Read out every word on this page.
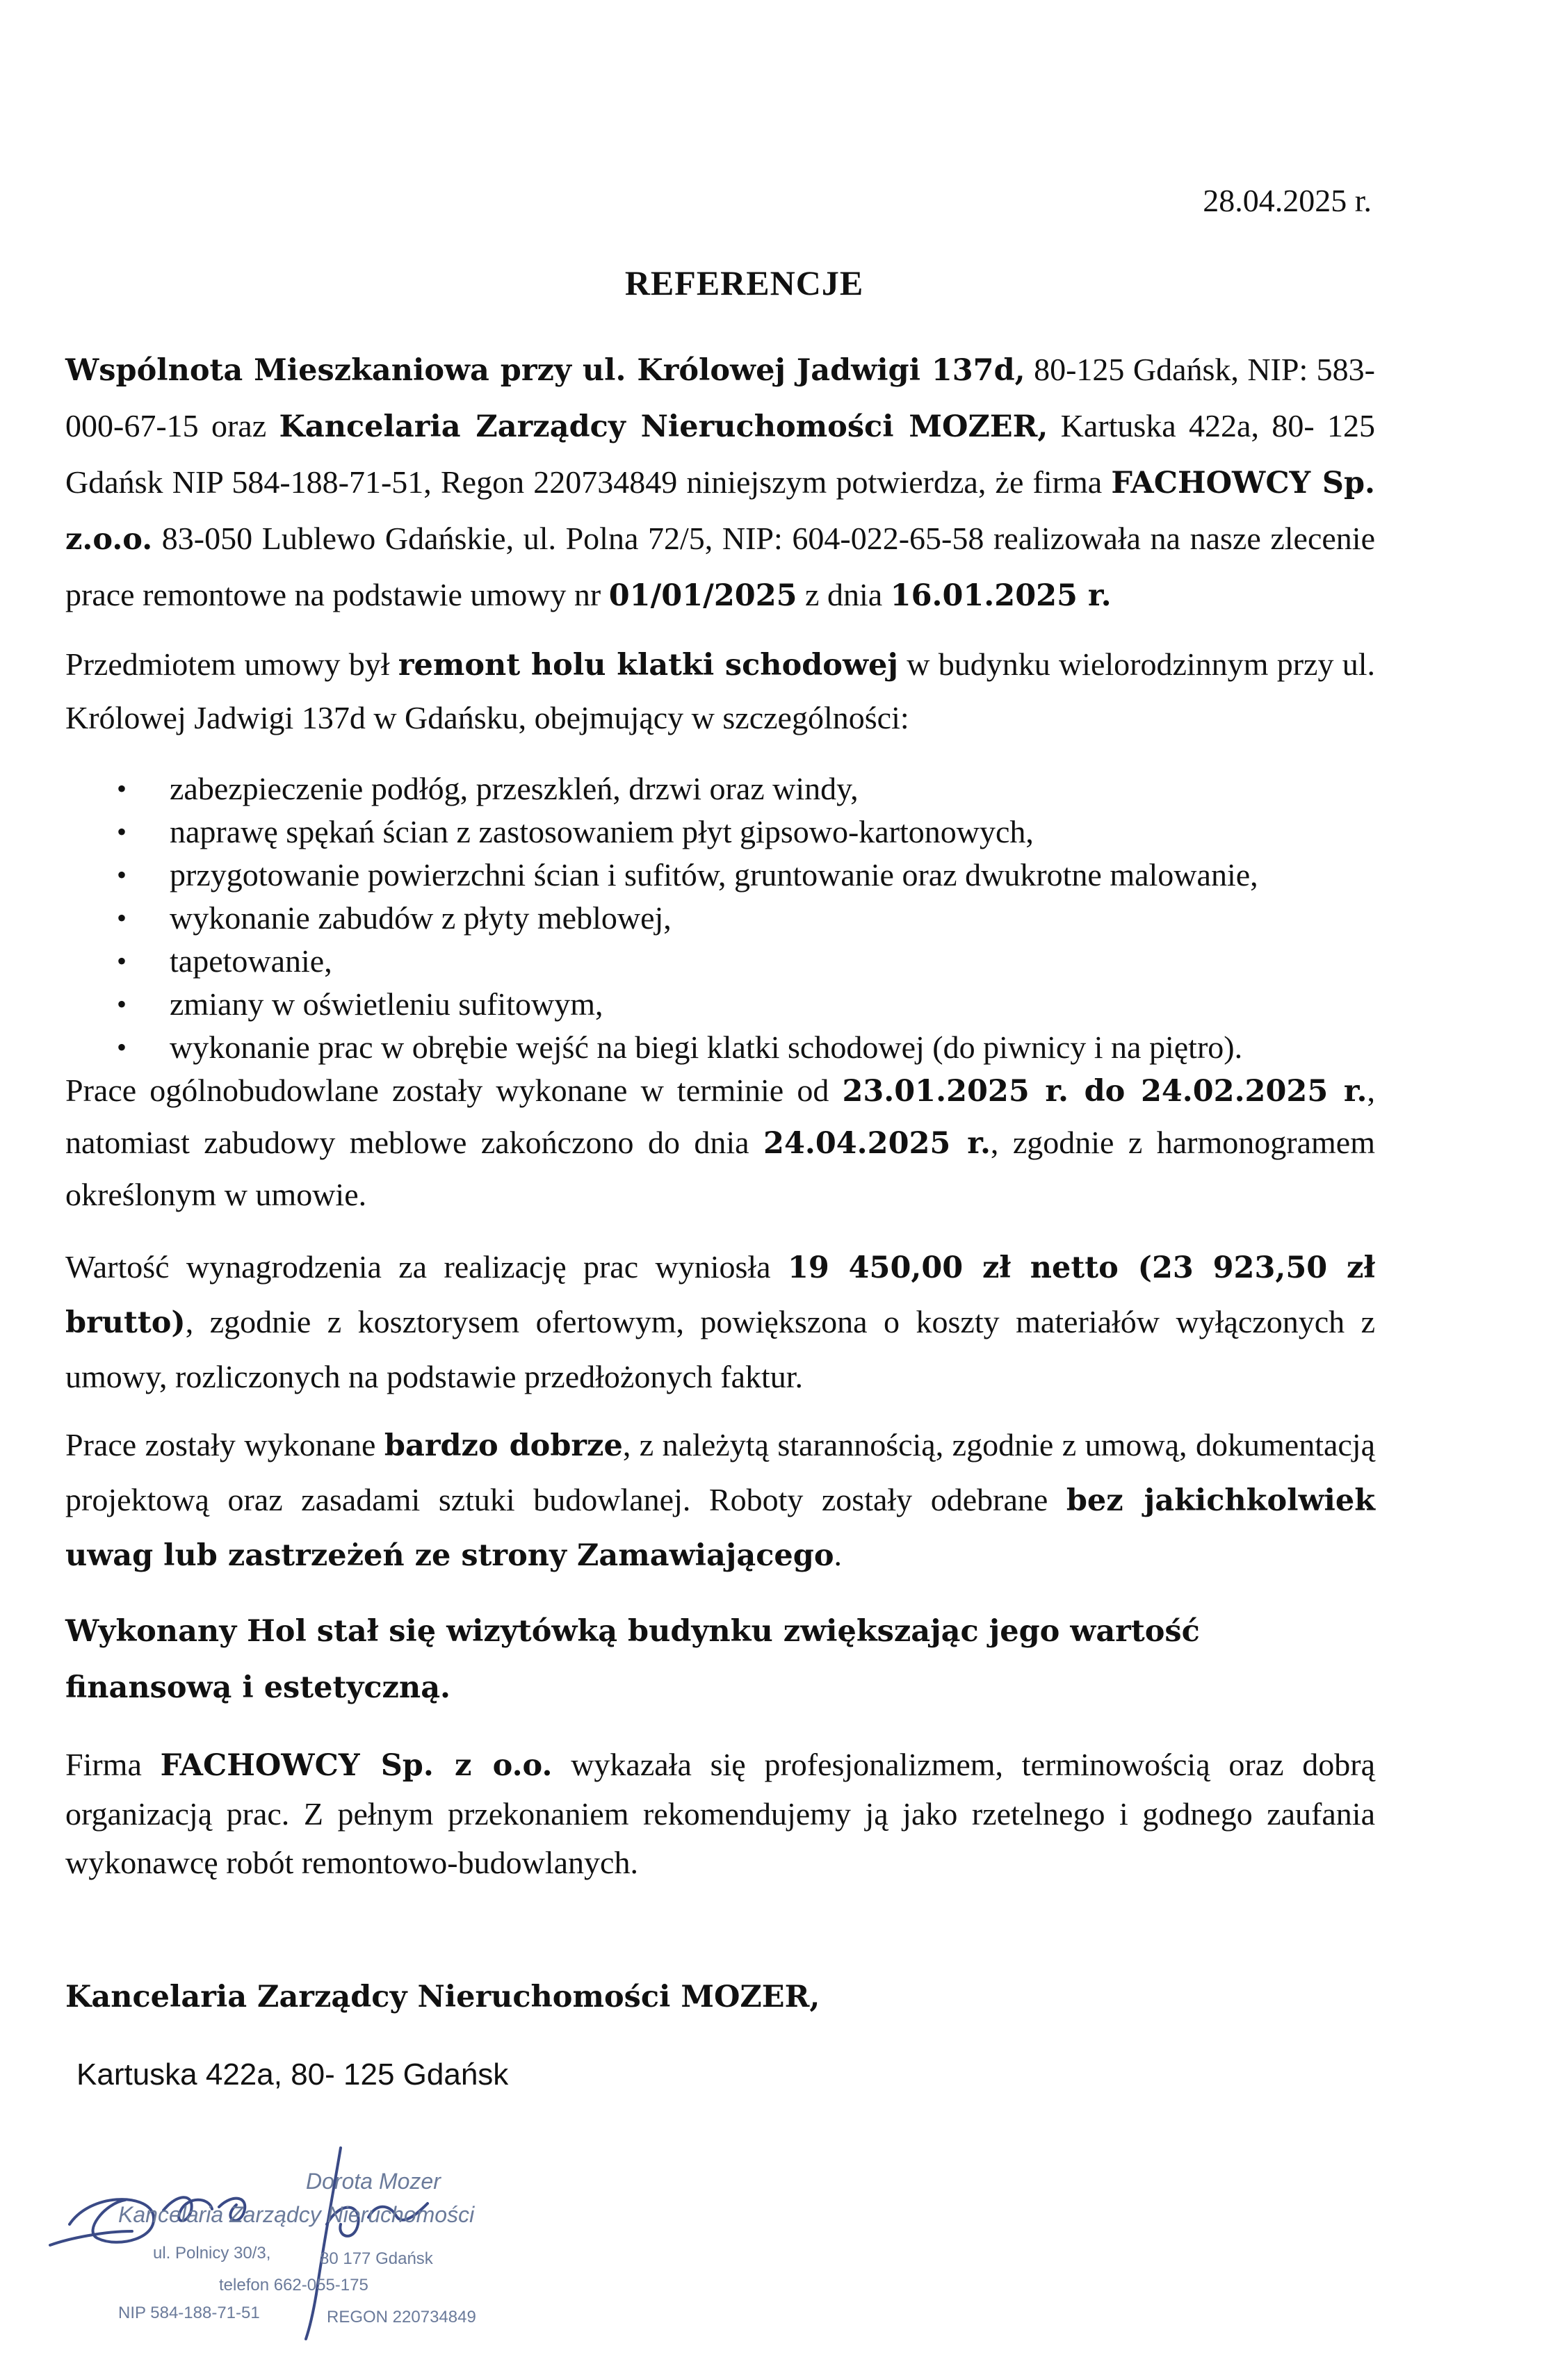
28.04.2025 r.
REFERENCJE
Wspólnota Mieszkaniowa przy ul. Królowej Jadwigi 137d, 80-125 Gdańsk, NIP: 583-000-67-15 oraz Kancelaria Zarządcy Nieruchomości MOZER, Kartuska 422a, 80- 125 Gdańsk NIP 584-188-71-51, Regon 220734849 niniejszym potwierdza, że firma FACHOWCY Sp. z.o.o. 83-050 Lublewo Gdańskie, ul. Polna 72/5, NIP: 604-022-65-58 realizowała na nasze zlecenie prace remontowe na podstawie umowy nr 01/01/2025 z dnia 16.01.2025 r.
Przedmiotem umowy był remont holu klatki schodowej w budynku wielorodzinnym przy ul. Królowej Jadwigi 137d w Gdańsku, obejmujący w szczególności:
• zabezpieczenie podłóg, przeszkleń, drzwi oraz windy,
• naprawę spękań ścian z zastosowaniem płyt gipsowo-kartonowych,
• przygotowanie powierzchni ścian i sufitów, gruntowanie oraz dwukrotne malowanie,
• wykonanie zabudów z płyty meblowej,
• tapetowanie,
• zmiany w oświetleniu sufitowym,
• wykonanie prac w obrębie wejść na biegi klatki schodowej (do piwnicy i na piętro).
Prace ogólnobudowlane zostały wykonane w terminie od 23.01.2025 r. do 24.02.2025 r., natomiast zabudowy meblowe zakończono do dnia 24.04.2025 r., zgodnie z harmonogramem określonym w umowie.
Wartość wynagrodzenia za realizację prac wyniosła 19 450,00 zł netto (23 923,50 zł brutto), zgodnie z kosztorysem ofertowym, powiększona o koszty materiałów wyłączonych z umowy, rozliczonych na podstawie przedłożonych faktur.
Prace zostały wykonane bardzo dobrze, z należytą starannością, zgodnie z umową, dokumentacją projektową oraz zasadami sztuki budowlanej. Roboty zostały odebrane bez jakichkolwiek uwag lub zastrzeżeń ze strony Zamawiającego.
Wykonany Hol stał się wizytówką budynku zwiększając jego wartość finansową i estetyczną.
Firma FACHOWCY Sp. z o.o. wykazała się profesjonalizmem, terminowością oraz dobrą organizacją prac. Z pełnym przekonaniem rekomendujemy ją jako rzetelnego i godnego zaufania wykonawcę robót remontowo-budowlanych.
Kancelaria Zarządcy Nieruchomości MOZER,
Kartuska 422a, 80- 125 Gdańsk
Dorota Mozer
Kancelaria Zarządcy Nieruchomości
ul. Polnicy 30/3,	80 177 Gdańsk
telefon 662-055-175
NIP 584-188-71-51	REGON 220734849
